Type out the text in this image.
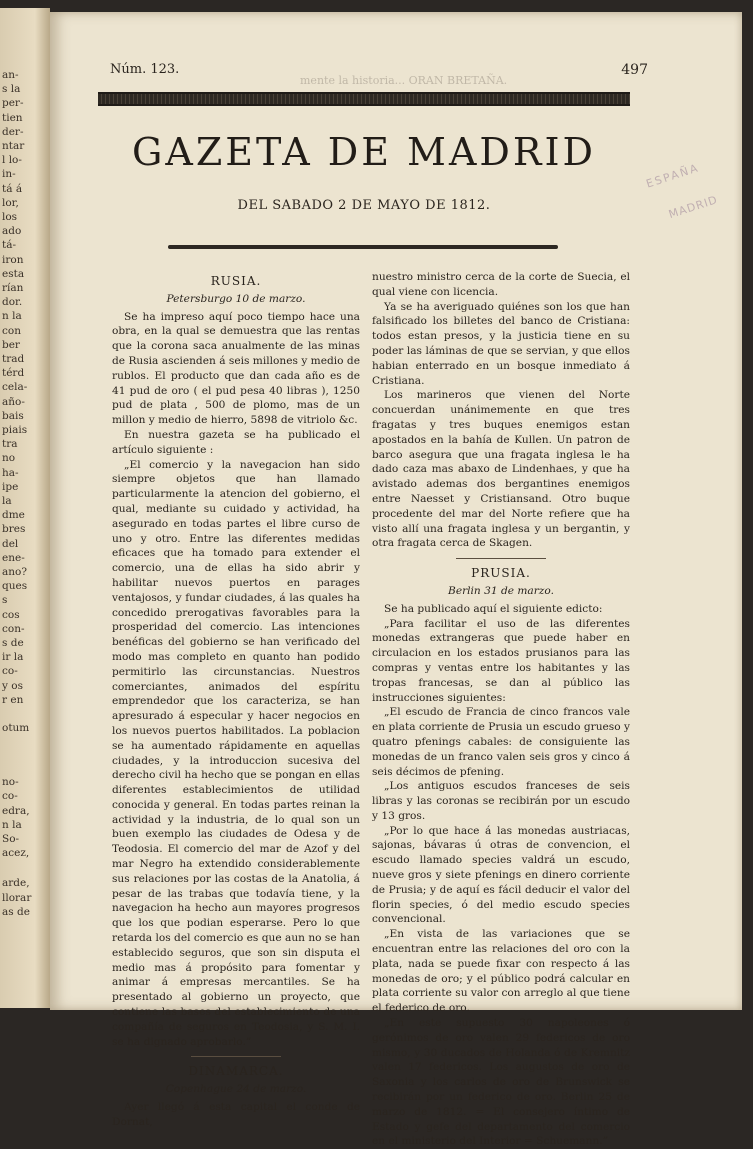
an-
s la
per-
tien
der-
ntar
l lo-
in-
tá á
lor,
los
ado
tá-
iron
esta
rían
dor.
n la
con
ber
trad
térd
cela-
año-
bais
piais
tra
no
ha-
ipe
la
dme
bres
del
ene-
ano?
ques
s
cos
con-
s de
ir la
co-
y os
r en
otum
no-
co-
edra,
n la
So-
acez,
arde,
llorar
as de
mente la historia... ORAN BRETAÑA.
Núm. 123.	497
GAZETA DE MADRID
DEL SABADO 2 DE MAYO DE 1812.
ESPAÑA
MADRID
RUSIA.
Petersburgo 10 de marzo.

Se ha impreso aquí poco tiempo hace una obra, en la qual se demuestra que las rentas que la corona saca anualmente de las minas de Rusia ascienden á seis millones y medio de rublos. El producto que dan cada año es de 41 pud de oro ( el pud pesa 40 libras ), 1250 pud de plata , 500 de plomo, mas de un millon y medio de hierro, 5898 de vitriolo &c.

En nuestra gazeta se ha publicado el artículo siguiente :

„El comercio y la navegacion han sido siempre objetos que han llamado particularmente la atencion del gobierno, el qual, mediante su cuidado y actividad, ha asegurado en todas partes el libre curso de uno y otro. Entre las diferentes medidas eficaces que ha tomado para extender el comercio, una de ellas ha sido abrir y habilitar nuevos puertos en parages ventajosos, y fundar ciudades, á las quales ha concedido prerogativas favorables para la prosperidad del comercio. Las intenciones benéficas del gobierno se han verificado del modo mas completo en quanto han podido permitirlo las circunstancias. Nuestros comerciantes, animados del espíritu emprendedor que los caracteriza, se han apresurado á especular y hacer negocios en los nuevos puertos habilitados. La poblacion se ha aumentado rápidamente en aquellas ciudades, y la introduccion sucesiva del derecho civil ha hecho que se pongan en ellas diferentes establecimientos de utilidad conocida y general. En todas partes reinan la actividad y la industria, de lo qual son un buen exemplo las ciudades de Odesa y de Teodosia. El comercio del mar de Azof y del mar Negro ha extendido considerablemente sus relaciones por las costas de la Anatolia, á pesar de las trabas que todavía tiene, y la navegacion ha hecho aun mayores progresos que los que podian esperarse. Pero lo que retarda los del comercio es que aun no se han establecido seguros, que son sin disputa el medio mas á propósito para fomentar y animar á empresas mercantiles. Se ha presentado al gobierno un proyecto, que contiene las bases del establecimiento de una compañía de seguros en Teodosia, y S. M. I. se ha dignado aprobarlo.”

DINAMARCA.
Copenhague 24 de marzo.

Ayer llegó á esta capital el conde de Dornat,

nuestro ministro cerca de la corte de Suecia, el qual viene con licencia.

Ya se ha averiguado quiénes son los que han falsificado los billetes del banco de Cristiana: todos estan presos, y la justicia tiene en su poder las láminas de que se servian, y que ellos habian enterrado en un bosque inmediato á Cristiana.

Los marineros que vienen del Norte concuerdan unánimemente en que tres fragatas y tres buques enemigos estan apostados en la bahía de Kullen. Un patron de barco asegura que una fragata inglesa le ha dado caza mas abaxo de Lindenhaes, y que ha avistado ademas dos bergantines enemigos entre Naesset y Cristiansand. Otro buque procedente del mar del Norte refiere que ha visto allí una fragata inglesa y un bergantin, y otra fragata cerca de Skagen.

PRUSIA.
Berlin 31 de marzo.

Se ha publicado aquí el siguiente edicto:

„Para facilitar el uso de las diferentes monedas extrangeras que puede haber en circulacion en los estados prusianos para las compras y ventas entre los habitantes y las tropas francesas, se dan al público las instrucciones siguientes:

„El escudo de Francia de cinco francos vale en plata corriente de Prusia un escudo grueso y quatro pfenings cabales: de consiguiente las monedas de un franco valen seis gros y cinco á seis décimos de pfening.

„Los antiguos escudos franceses de seis libras y las coronas se recibirán por un escudo y 13 gros.

„Por lo que hace á las monedas austriacas, sajonas, bávaras ú otras de convencion, el escudo llamado species valdrá un escudo, nueve gros y siete pfenings en dinero corriente de Prusia; y de aquí es fácil deducir el valor del florin species, ó del medio escudo species convencional.

„En vista de las variaciones que se encuentran entre las relaciones del oro con la plata, nada se puede fixar con respecto á las monedas de oro; y el público podrá calcular en plata corriente su valor con arreglo al que tiene el federico de oro.

„En este supuesto 30 napoleones ó gerónimos de oro valen 29 federicos de oro mismo, y 30 ducados de Holanda ó de Kremnitz valen 17 federicos. Los augustos de oro de Saxonia y los carlos de oro de Brunswick se recibirán por un federico de oro. Berlin 25 de marzo de 1812. = El consejero íntimo de Estado y gefe del departamento del comercio en el ministerio del Interior = Schuemann.”
